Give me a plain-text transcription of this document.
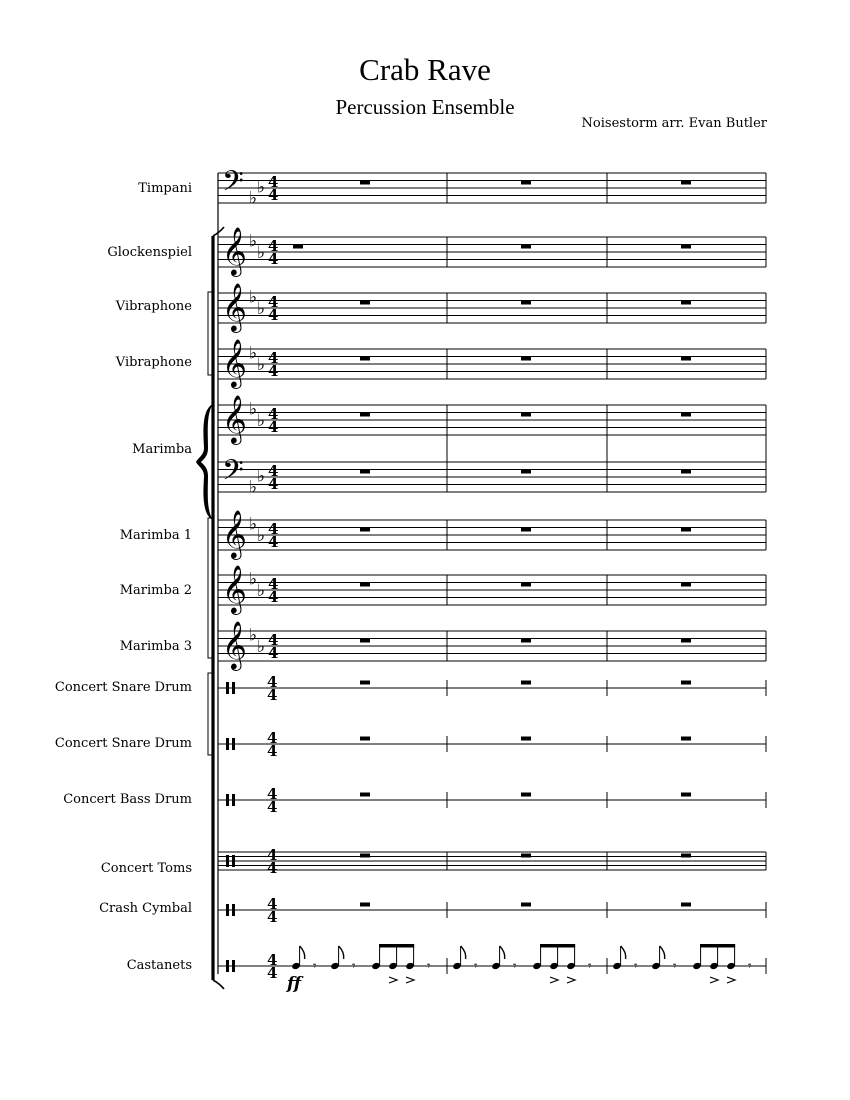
Crab Rave
Percussion Ensemble
Noisestorm arr. Evan Butler
𝄢 ♭
♭ 4
4
Timpani
𝄞 ♭
♭ 4
4
Glockenspiel
𝄞 ♭
♭ 4
4
Vibraphone
𝄞 ♭
♭ 4
4
Vibraphone
𝄞 ♭
♭ 4
4
Marimba
𝄢 ♭
♭ 4
4
𝄞 ♭
♭ 4
4
Marimba 1
𝄞 ♭
♭ 4
4
Marimba 2
𝄞 ♭
♭ 4
4
Marimba 3
4
4
Concert Snare Drum
4
4
Concert Snare Drum
4
4
Concert Bass Drum
4
4
Concert Toms
4
4
Crash Cymbal
4
4
Castanets	𝄾	𝄾	𝄾
ff
𝄾	𝄾	𝄾	𝄾	𝄾	𝄾
